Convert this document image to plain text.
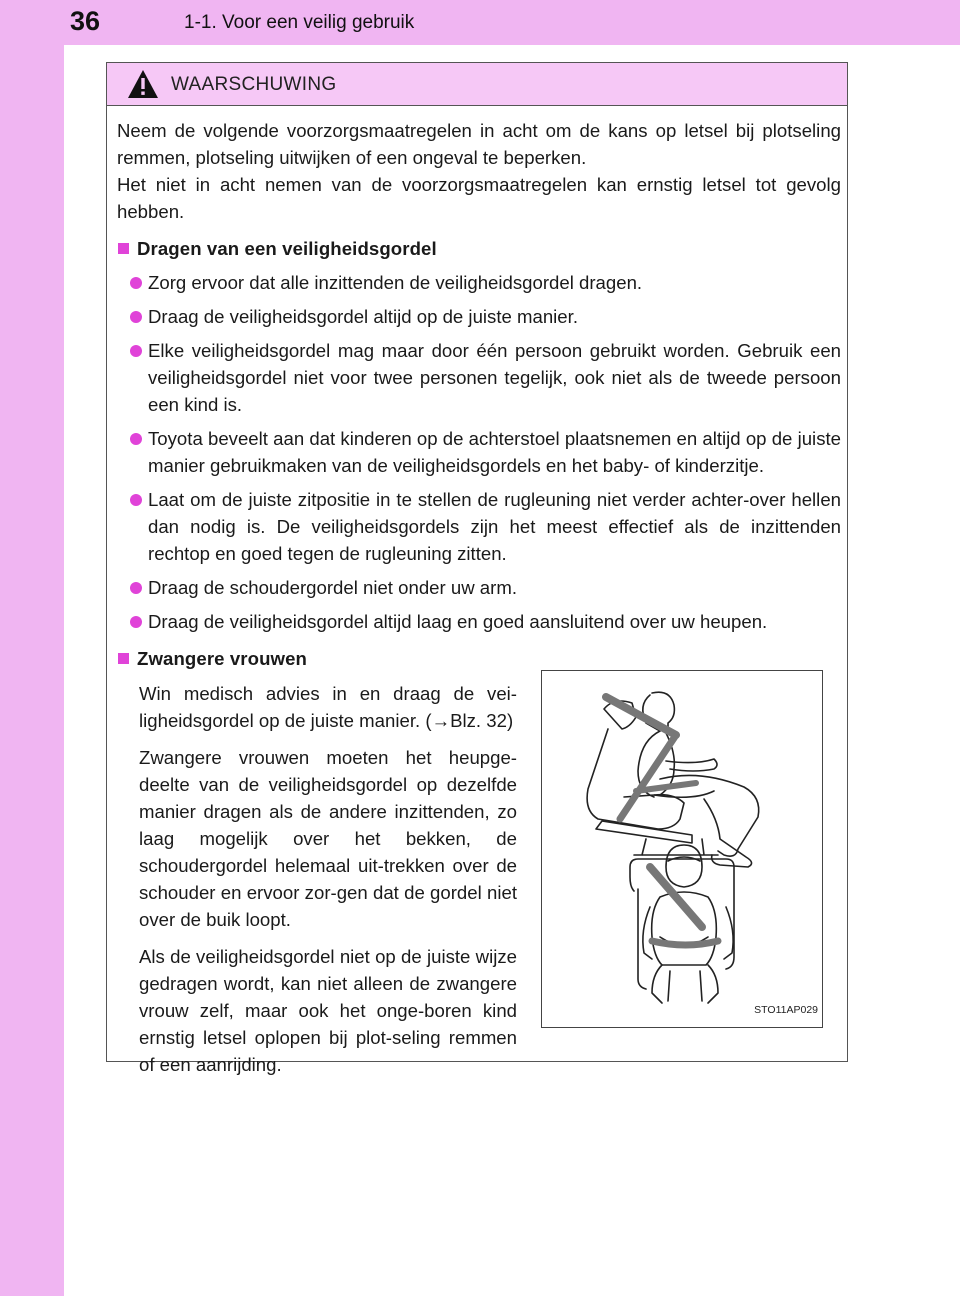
36	1-1. Voor een veilig gebruik
WAARSCHUWING

Neem de volgende voorzorgsmaatregelen in acht om de kans op letsel bij plotseling remmen, plotseling uitwijken of een ongeval te beperken.

Het niet in acht nemen van de voorzorgsmaatregelen kan ernstig letsel tot gevolg hebben.

Dragen van een veiligheidsgordel
Zorg ervoor dat alle inzittenden de veiligheidsgordel dragen.
Draag de veiligheidsgordel altijd op de juiste manier.
Elke veiligheidsgordel mag maar door één persoon gebruikt worden. Gebruik een veiligheidsgordel niet voor twee personen tegelijk, ook niet als de tweede persoon een kind is.
Toyota beveelt aan dat kinderen op de achterstoel plaatsnemen en altijd op de juiste manier gebruikmaken van de veiligheidsgordels en het baby- of kinderzitje.
Laat om de juiste zitpositie in te stellen de rugleuning niet verder achter-over hellen dan nodig is. De veiligheidsgordels zijn het meest effectief als de inzittenden rechtop en goed tegen de rugleuning zitten.
Draag de schoudergordel niet onder uw arm.
Draag de veiligheidsgordel altijd laag en goed aansluitend over uw heupen.
Zwangere vrouwen

Win medisch advies in en draag de vei-ligheidsgordel op de juiste manier. (→Blz. 32)

Zwangere vrouwen moeten het heupge-deelte van de veiligheidsgordel op dezelfde manier dragen als de andere inzittenden, zo laag mogelijk over het bekken, de schoudergordel helemaal uit-trekken over de schouder en ervoor zor-gen dat de gordel niet over de buik loopt.

Als de veiligheidsgordel niet op de juiste wijze gedragen wordt, kan niet alleen de zwangere vrouw zelf, maar ook het onge-boren kind ernstig letsel oplopen bij plot-seling remmen of een aanrijding.

STO11AP029
